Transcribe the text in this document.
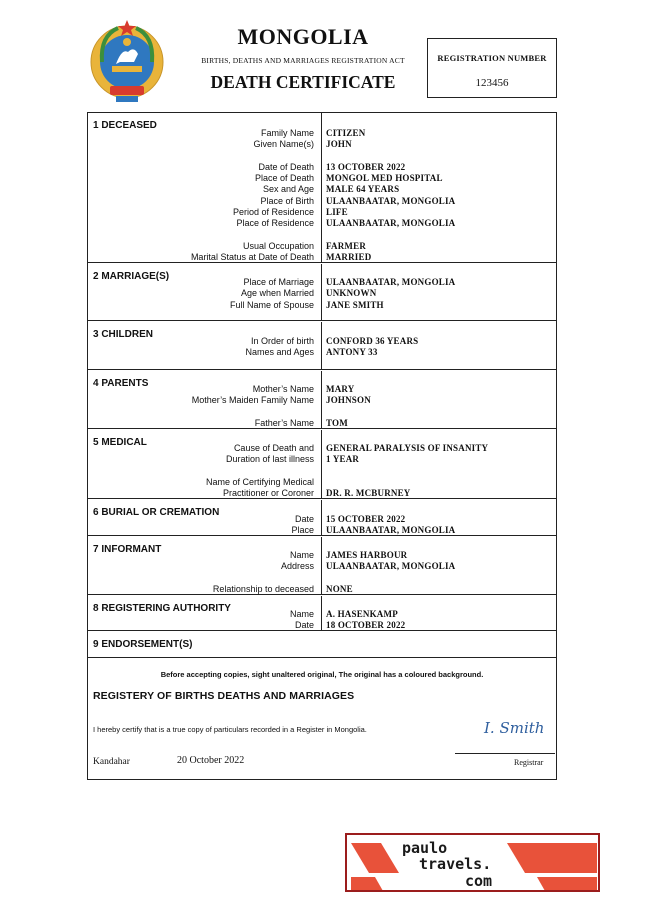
MONGOLIA
BIRTHS, DEATHS AND MARRIAGES REGISTRATION ACT
DEATH CERTIFICATE
REGISTRATION NUMBER
123456
1 DECEASED
Family Name CITIZEN
Given Name(s) JOHN
Date of Death 13 OCTOBER 2022
Place of Death MONGOL MED HOSPITAL
Sex and Age MALE 64 YEARS
Place of Birth ULAANBAATAR, MONGOLIA
Period of Residence LIFE
Place of Residence ULAANBAATAR, MONGOLIA
Usual Occupation FARMER
Marital Status at Date of Death MARRIED
2 MARRIAGE(S)	Place of Marriage ULAANBAATAR, MONGOLIA
Age when Married UNKNOWN
Full Name of Spouse JANE SMITH
3 CHILDREN
In Order of birth CONFORD 36 YEARS
Names and Ages ANTONY 33
4 PARENTS	Mother’s Name MARY
Mother’s Maiden Family Name JOHNSON
Father’s Name TOM
5 MEDICAL	Cause of Death and GENERAL PARALYSIS OF INSANITY
Duration of last illness 1 YEAR
Name of Certifying Medical
Practitioner or Coroner DR. R. MCBURNEY
6 BURIAL OR CREMATION
Date 15 OCTOBER 2022
Place ULAANBAATAR, MONGOLIA
7 INFORMANT	Name JAMES HARBOUR
Address ULAANBAATAR, MONGOLIA
Relationship to deceased NONE
8 REGISTERING AUTHORITY	Name A. HASENKAMP
Date 18 OCTOBER 2022
9 ENDORSEMENT(S)
Before accepting copies, sight unaltered original, The original has a coloured background.
REGISTERY OF BIRTHS DEATHS AND MARRIAGES
I hereby certify that is a true copy of particulars recorded in a Register in Mongolia.	I. Smith
Kandahar	20 October 2022	Registrar
paulo
travels.
com
